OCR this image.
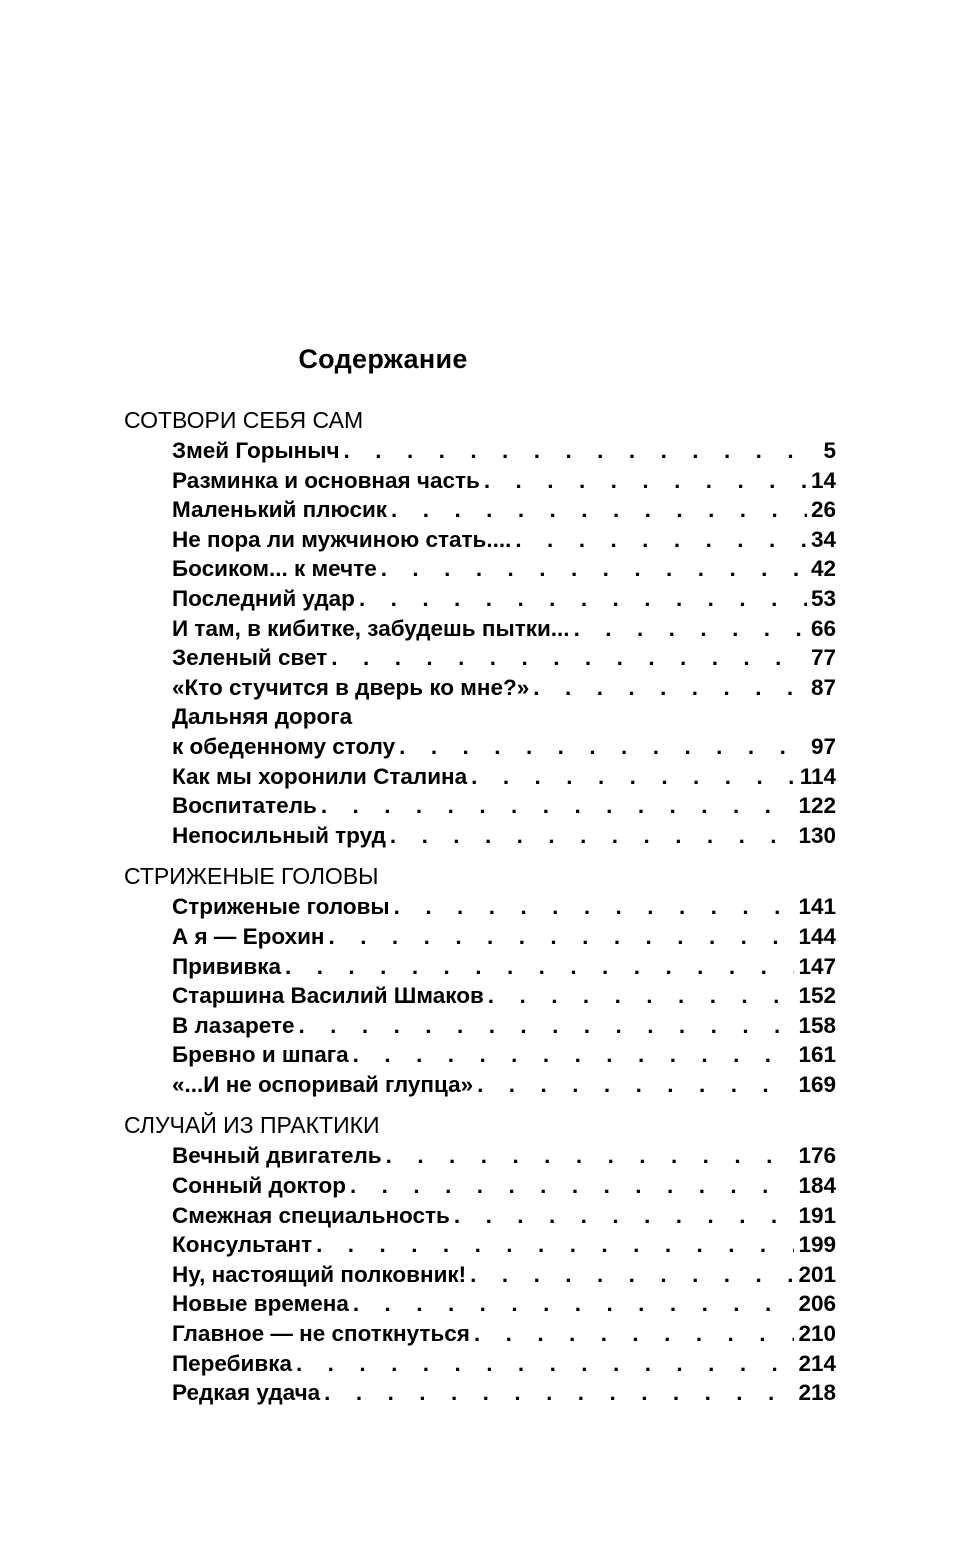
Содержание
СОТВОРИ СЕБЯ САМ
Змей Горыныч . . .	5
Разминка и основная часть . . .	14
Маленький плюсик . . .	26
Не пора ли мужчиною стать.... . . .	34
Босиком... к мечте . . .	42
Последний удар . . .	53
И там, в кибитке, забудешь пытки... . . .	66
Зеленый свет . . .	77
«Кто стучится в дверь ко мне?» . . .	87
Дальняя дорога
к обеденному столу . . .	97
Как мы хоронили Сталина . . .	114
Воспитатель . . .	122
Непосильный труд . . .	130
СТРИЖЕНЫЕ ГОЛОВЫ
Стриженые головы . . .	141
А я — Ерохин . . .	144
Прививка . . .	147
Старшина Василий Шмаков . . .	152
В лазарете . . .	158
Бревно и шпага . . .	161
«...И не оспоривай глупца» . . .	169
СЛУЧАЙ ИЗ ПРАКТИКИ
Вечный двигатель . . .	176
Сонный доктор . . .	184
Смежная специальность . . .	191
Консультант . . .	199
Ну, настоящий полковник! . . .	201
Новые времена . . .	206
Главное — не споткнуться . . .	210
Перебивка . . .	214
Редкая удача . . .	218
